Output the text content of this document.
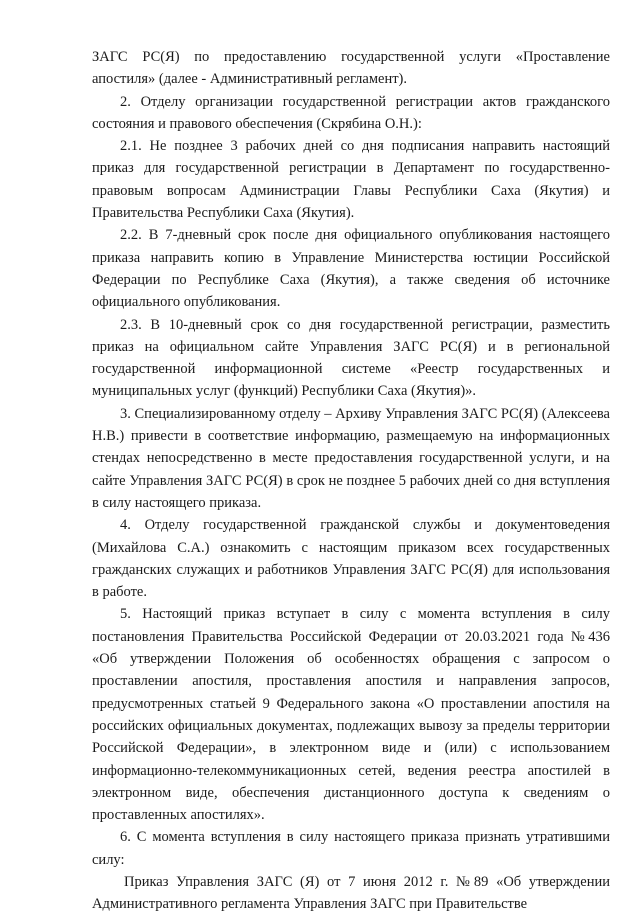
ЗАГС РС(Я) по предоставлению государственной услуги «Проставление апостиля» (далее - Административный регламент).

2. Отделу организации государственной регистрации актов гражданского состояния и правового обеспечения (Скрябина О.Н.):

2.1. Не позднее 3 рабочих дней со дня подписания направить настоящий приказ для государственной регистрации в Департамент по государственно-правовым вопросам Администрации Главы Республики Саха (Якутия) и Правительства Республики Саха (Якутия).

2.2. В 7-дневный срок после дня официального опубликования настоящего приказа направить копию в Управление Министерства юстиции Российской Федерации по Республике Саха (Якутия), а также сведения об источнике официального опубликования.

2.3. В 10-дневный срок со дня государственной регистрации, разместить приказ на официальном сайте Управления ЗАГС РС(Я) и в региональной государственной информационной системе «Реестр государственных и муниципальных услуг (функций) Республики Саха (Якутия)».

3. Специализированному отделу – Архиву Управления ЗАГС РС(Я) (Алексеева Н.В.) привести в соответствие информацию, размещаемую на информационных стендах непосредственно в месте предоставления государственной услуги, и на сайте Управления ЗАГС РС(Я) в срок не позднее 5 рабочих дней со дня вступления в силу настоящего приказа.

4. Отделу государственной гражданской службы и документоведения (Михайлова С.А.) ознакомить с настоящим приказом всех государственных гражданских служащих и работников Управления ЗАГС РС(Я) для использования в работе.

5. Настоящий приказ вступает в силу с момента вступления в силу постановления Правительства Российской Федерации от 20.03.2021 года №436 «Об утверждении Положения об особенностях обращения с запросом о проставлении апостиля, проставления апостиля и направления запросов, предусмотренных статьей 9 Федерального закона «О проставлении апостиля на российских официальных документах, подлежащих вывозу за пределы территории Российской Федерации», в электронном виде и (или) с использованием информационно-телекоммуникационных сетей, ведения реестра апостилей в электронном виде, обеспечения дистанционного доступа к сведениям о проставленных апостилях».

6. С момента вступления в силу настоящего приказа признать утратившими силу:

Приказ Управления ЗАГС (Я) от 7 июня 2012 г. №89 «Об утверждении Административного регламента Управления ЗАГС при Правительстве
